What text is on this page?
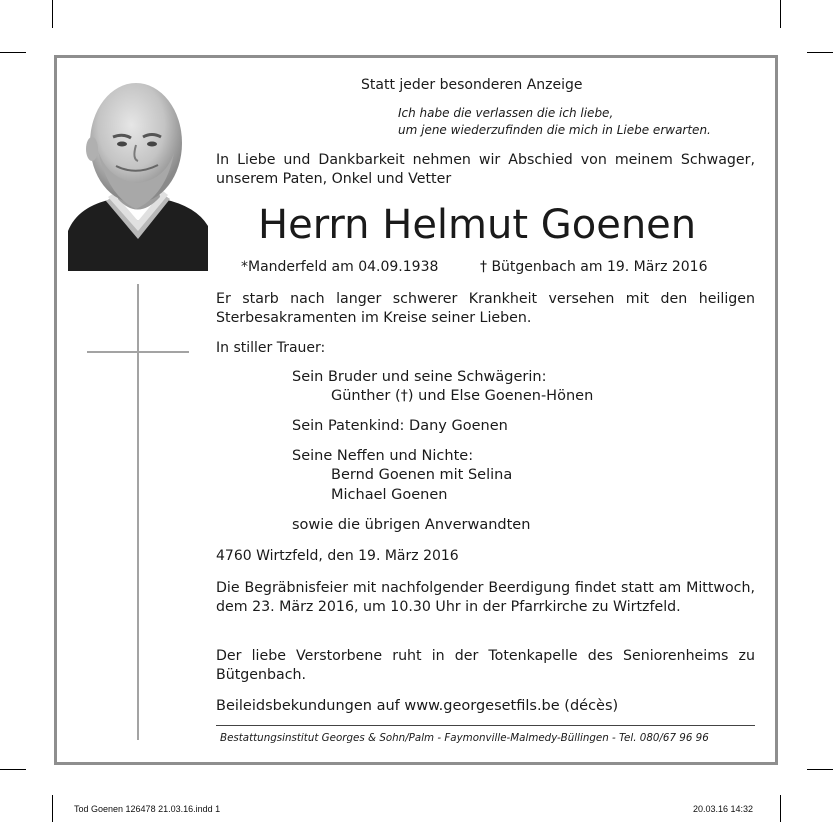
Statt jeder besonderen Anzeige
Ich habe die verlassen die ich liebe,
um jene wiederzufinden die mich in Liebe erwarten.
In Liebe und Dankbarkeit nehmen wir Abschied von meinem Schwager, unserem Paten, Onkel und Vetter
Herrn Helmut Goenen
*Manderfeld am 04.09.1938	† Bütgenbach am 19. März 2016
Er starb nach langer schwerer Krankheit versehen mit den heiligen Sterbesakramenten im Kreise seiner Lieben.
In stiller Trauer:
Sein Bruder und seine Schwägerin:
Günther (†) und Else Goenen-Hönen
Sein Patenkind: Dany Goenen
Seine Neffen und Nichte:
Bernd Goenen mit Selina
Michael Goenen
sowie die übrigen Anverwandten
4760 Wirtzfeld, den 19. März 2016
Die Begräbnisfeier mit nachfolgender Beerdigung findet statt am Mittwoch, dem 23. März 2016, um 10.30 Uhr in der Pfarrkirche zu Wirtzfeld.
Der liebe Verstorbene ruht in der Totenkapelle des Seniorenheims zu Bütgenbach.
Beileidsbekundungen auf www.georgesetfils.be (décès)
Bestattungsinstitut Georges & Sohn/Palm - Faymonville-Malmedy-Büllingen - Tel. 080/67 96 96
Tod Goenen 126478 21.03.16.indd 1	20.03.16 14:32
